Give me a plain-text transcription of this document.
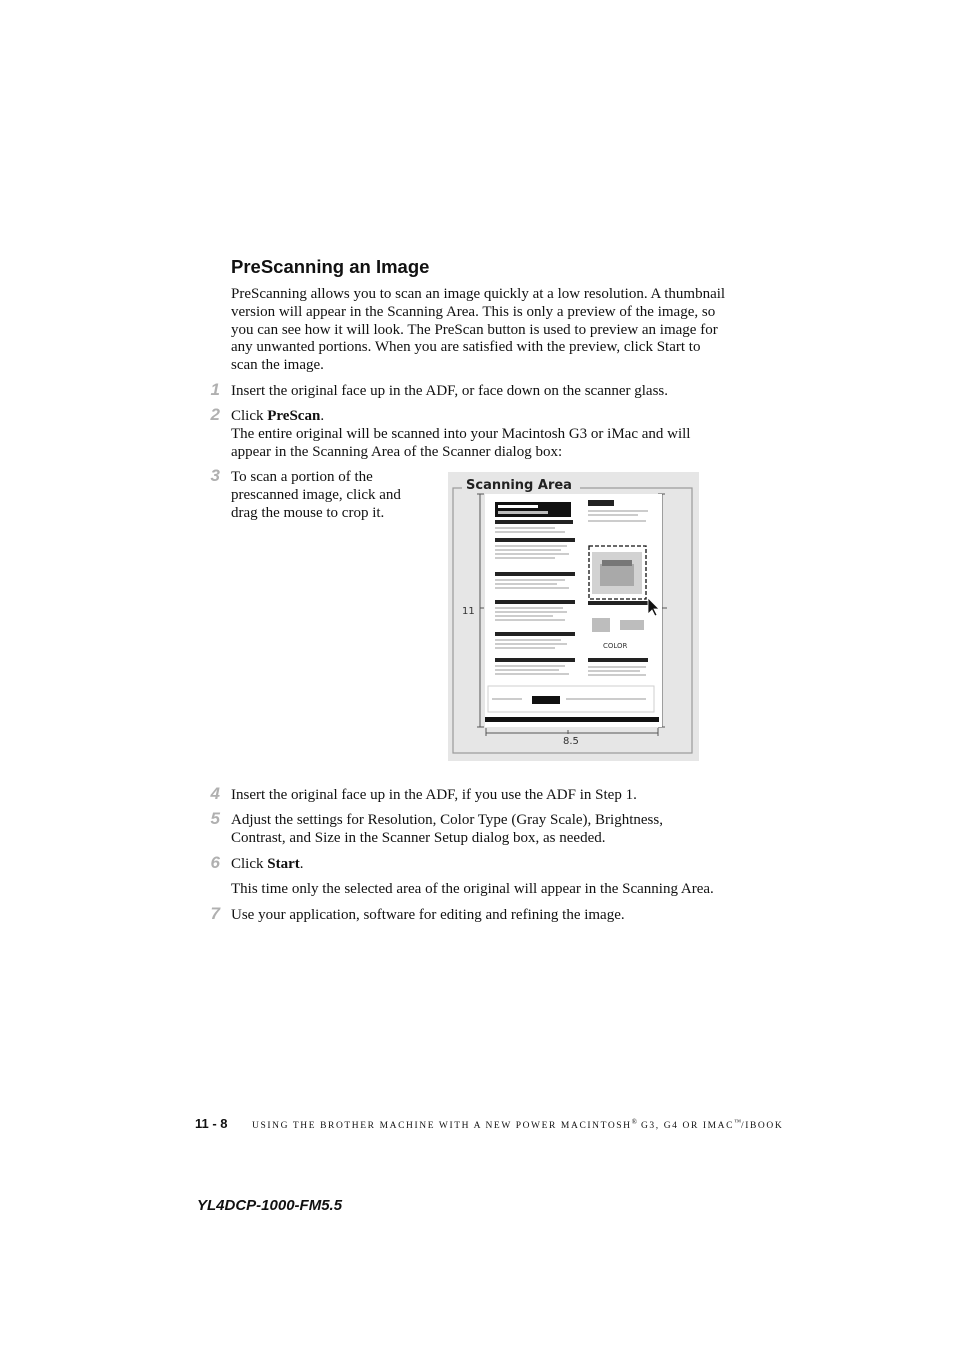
PreScanning an Image
PreScanning allows you to scan an image quickly at a low resolution. A thumbnail version will appear in the Scanning Area. This is only a preview of the image, so you can see how it will look. The PreScan button is used to preview an image for any unwanted portions. When you are satisfied with the preview, click Start to scan the image.
1 Insert the original face up in the ADF, or face down on the scanner glass.
2 Click PreScan.
The entire original will be scanned into your Macintosh G3 or iMac and will appear in the Scanning Area of the Scanner dialog box:
3 To scan a portion of the prescanned image, click and drag the mouse to crop it.
Scanning Area
11
8.5
COLOR
4 Insert the original face up in the ADF, if you use the ADF in Step 1.
5 Adjust the settings for Resolution, Color Type (Gray Scale), Brightness, Contrast, and Size in the Scanner Setup dialog box, as needed.
6 Click Start.
This time only the selected area of the original will appear in the Scanning Area.
7 Use your application, software for editing and refining the image.
11 - 8	USING THE BROTHER MACHINE WITH A NEW POWER MACINTOSH® G3, G4 OR IMAC™/IBOOK
YL4DCP-1000-FM5.5
